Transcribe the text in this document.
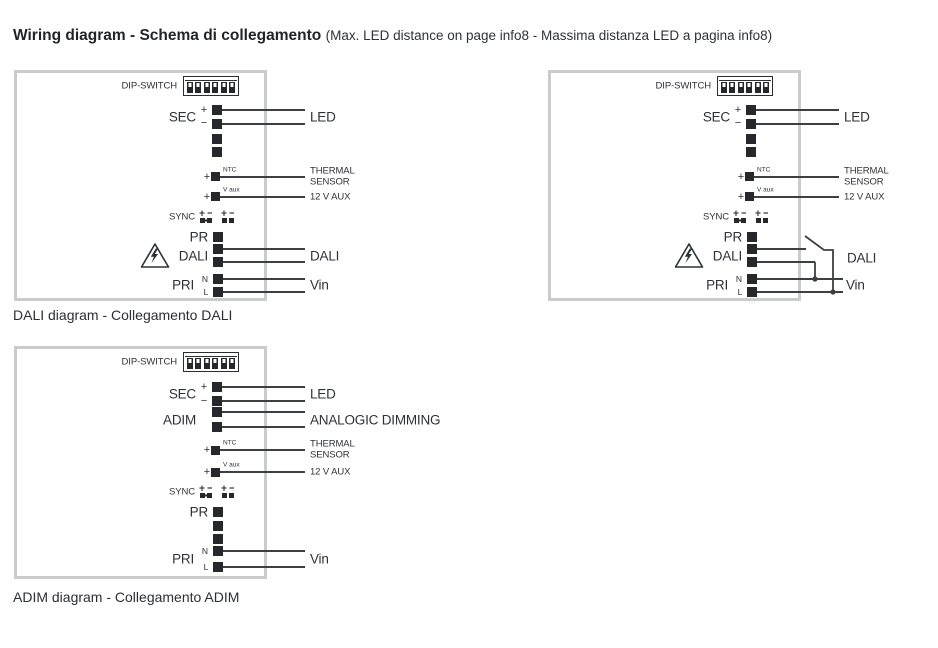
Wiring diagram - Schema di collegamento (Max. LED distance on page info8 - Massima distanza LED a pagina info8)
DIP-SWITCH
SEC +
−	LED
+
NTC	THERMAL
SENSOR
+
V aux
12 V AUX
SYNC
PR
DALI	DALI
PRI N
L	Vin
DIP-SWITCH
SEC +
−	LED
+
NTC	THERMAL
SENSOR
+
V aux
12 V AUX
SYNC
PR
DALI	DALI
PRI N
L	Vin
DALI diagram - Collegamento DALI
DIP-SWITCH
SEC +
−	LED
ADIM	ANALOGIC DIMMING
+
NTC	THERMAL
SENSOR
+
V aux
12 V AUX
SYNC
PR
PRI
N
L
Vin
ADIM diagram - Collegamento ADIM
